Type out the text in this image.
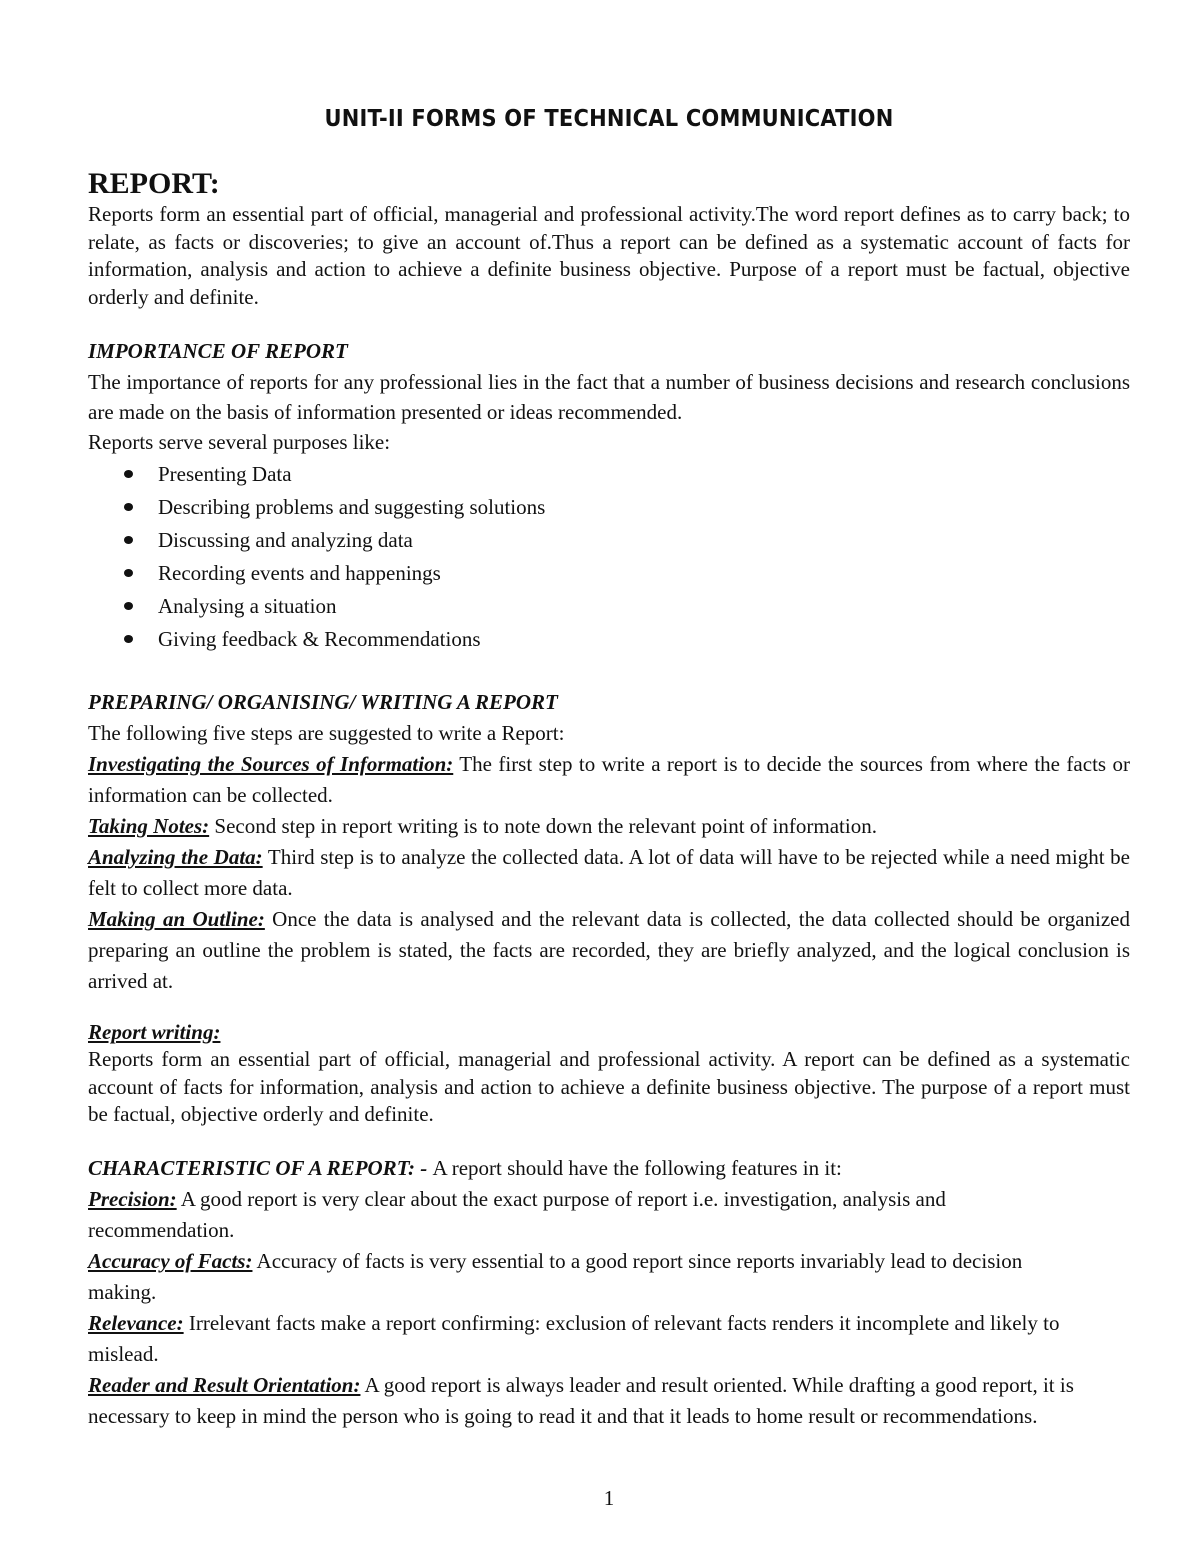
UNIT-II FORMS OF TECHNICAL COMMUNICATION
REPORT:
Reports form an essential part of official, managerial and professional activity.The word report defines as to carry back; to relate, as facts or discoveries; to give an account of.Thus a report can be defined as a systematic account of facts for information, analysis and action to achieve a definite business objective. Purpose of a report must be factual, objective orderly and definite.
IMPORTANCE OF REPORT
The importance of reports for any professional lies in the fact that a number of business decisions and research conclusions are made on the basis of information presented or ideas recommended.
Reports serve several purposes like:
Presenting Data
Describing problems and suggesting solutions
Discussing and analyzing data
Recording events and happenings
Analysing a situation
Giving feedback & Recommendations
PREPARING/ ORGANISING/ WRITING A REPORT
The following five steps are suggested to write a Report:
Investigating the Sources of Information: The first step to write a report is to decide the sources from where the facts or information can be collected.
Taking Notes: Second step in report writing is to note down the relevant point of information.
Analyzing the Data: Third step is to analyze the collected data. A lot of data will have to be rejected while a need might be felt to collect more data.
Making an Outline: Once the data is analysed and the relevant data is collected, the data collected should be organized preparing an outline the problem is stated, the facts are recorded, they are briefly analyzed, and the logical conclusion is arrived at.
Report writing:
Reports form an essential part of official, managerial and professional activity. A report can be defined as a systematic account of facts for information, analysis and action to achieve a definite business objective. The purpose of a report must be factual, objective orderly and definite.
CHARACTERISTIC OF A REPORT: - A report should have the following features in it:
Precision: A good report is very clear about the exact purpose of report i.e. investigation, analysis and recommendation.
Accuracy of Facts: Accuracy of facts is very essential to a good report since reports invariably lead to decision making.
Relevance: Irrelevant facts make a report confirming: exclusion of relevant facts renders it incomplete and likely to mislead.
Reader and Result Orientation: A good report is always leader and result oriented. While drafting a good report, it is necessary to keep in mind the person who is going to read it and that it leads to home result or recommendations.
1
